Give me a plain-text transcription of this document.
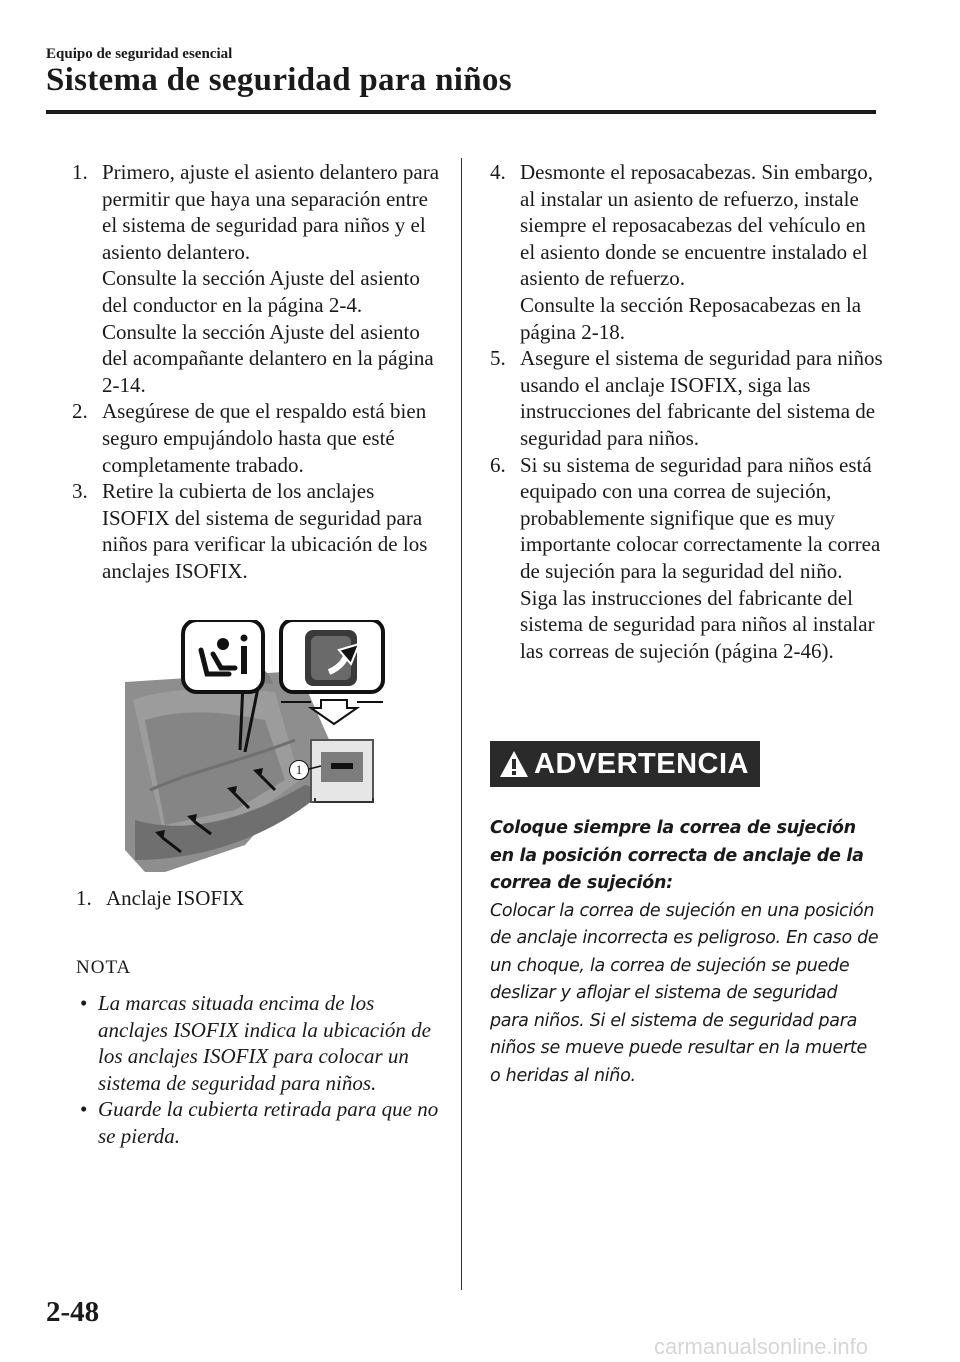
Equipo de seguridad esencial
Sistema de seguridad para niños
1. Primero, ajuste el asiento delantero para permitir que haya una separación entre el sistema de seguridad para niños y el asiento delantero.

Consulte la sección Ajuste del asiento del conductor en la página 2-4.

Consulte la sección Ajuste del asiento del acompañante delantero en la página 2-14.

2. Asegúrese de que el respaldo está bien seguro empujándolo hasta que esté completamente trabado.

3. Retire la cubierta de los anclajes ISOFIX del sistema de seguridad para niños para verificar la ubicación de los anclajes ISOFIX.

1
1. Anclaje ISOFIX
NOTA
• La marcas situada encima de los anclajes ISOFIX indica la ubicación de los anclajes ISOFIX para colocar un sistema de seguridad para niños.
• Guarde la cubierta retirada para que no se pierda.
4. Desmonte el reposacabezas. Sin embargo, al instalar un asiento de refuerzo, instale siempre el reposacabezas del vehículo en el asiento donde se encuentre instalado el asiento de refuerzo.

Consulte la sección Reposacabezas en la página 2-18.

5. Asegure el sistema de seguridad para niños usando el anclaje ISOFIX, siga las instrucciones del fabricante del sistema de seguridad para niños.

6. Si su sistema de seguridad para niños está equipado con una correa de sujeción, probablemente signifique que es muy importante colocar correctamente la correa de sujeción para la seguridad del niño. Siga las instrucciones del fabricante del sistema de seguridad para niños al instalar las correas de sujeción (página 2-46).

ADVERTENCIA
Coloque siempre la correa de sujeción en la posición correcta de anclaje de la correa de sujeción:
Colocar la correa de sujeción en una posición de anclaje incorrecta es peligroso. En caso de un choque, la correa de sujeción se puede deslizar y aflojar el sistema de seguridad para niños. Si el sistema de seguridad para niños se mueve puede resultar en la muerte o heridas al niño.
2-48
carmanualsonline.info
